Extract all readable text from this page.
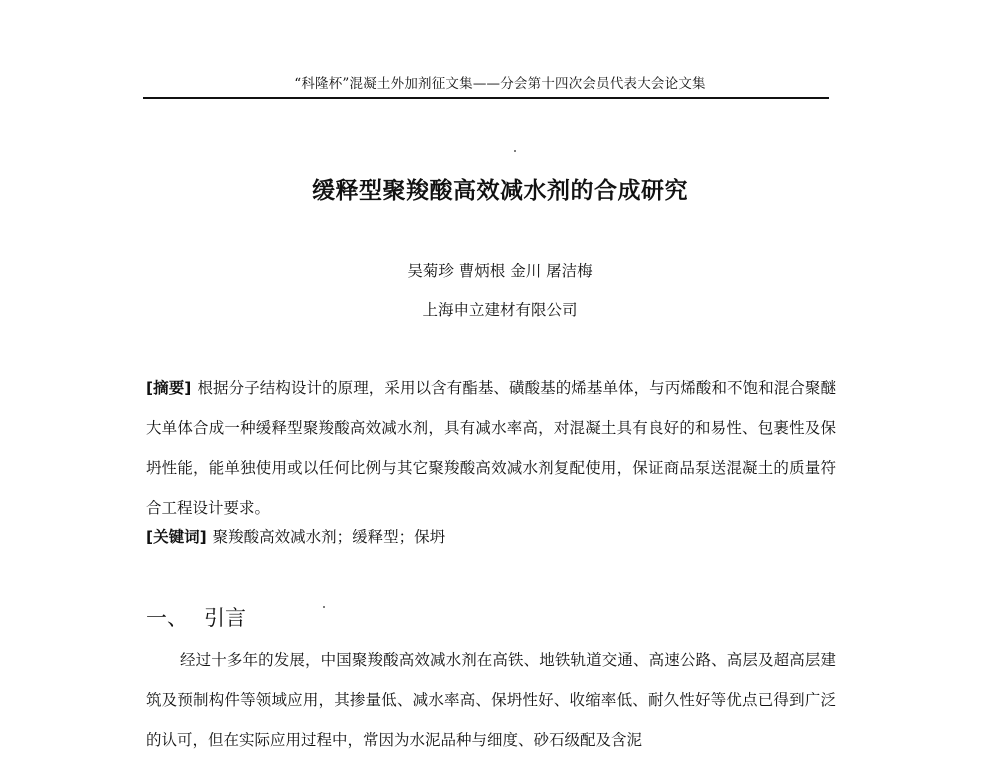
“科隆杯”混凝土外加剂征文集——分会第十四次会员代表大会论文集
缓释型聚羧酸高效减水剂的合成研究
吴菊珍 曹炳根 金川 屠洁梅
上海申立建材有限公司
[摘要] 根据分子结构设计的原理，采用以含有酯基、磺酸基的烯基单体，与丙烯酸和不饱和混合聚醚大单体合成一种缓释型聚羧酸高效减水剂，具有减水率高，对混凝土具有良好的和易性、包裹性及保坍性能，能单独使用或以任何比例与其它聚羧酸高效减水剂复配使用，保证商品泵送混凝土的质量符合工程设计要求。
[关键词] 聚羧酸高效减水剂；缓释型；保坍
一、 引言
经过十多年的发展，中国聚羧酸高效减水剂在高铁、地铁轨道交通、高速公路、高层及超高层建筑及预制构件等领域应用，其掺量低、减水率高、保坍性好、收缩率低、耐久性好等优点已得到广泛的认可，但在实际应用过程中，常因为水泥品种与细度、砂石级配及含泥
